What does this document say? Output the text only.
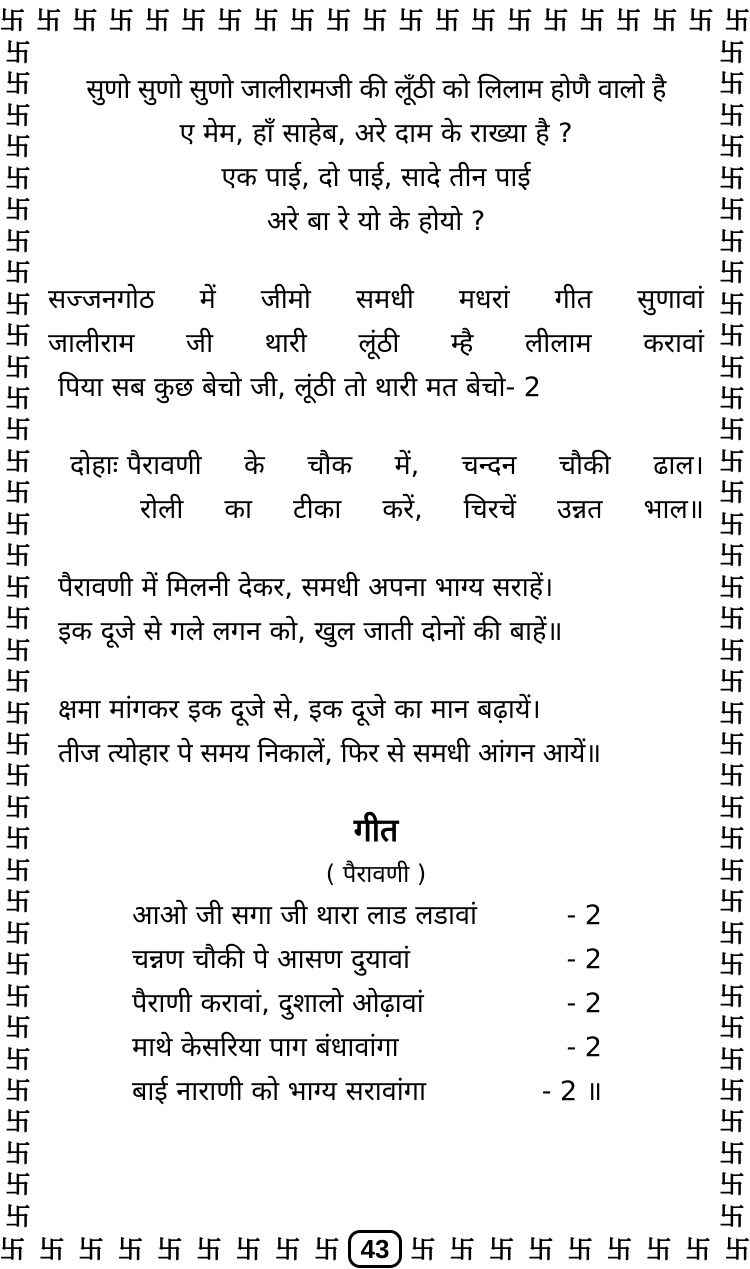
卐 卐 卐 卐 卐 卐 卐 卐 卐 卐 卐 卐 卐 卐 卐 卐 卐 卐 卐 卐 卐
卐
卐
卐
卐
卐
卐
卐
卐
卐
卐
卐
卐
卐
卐
卐
卐
卐
卐
卐
卐
卐
卐
卐
卐
卐
卐
卐
卐
卐
卐
卐
卐
卐
卐
卐
卐
卐
卐
卐
卐
卐
卐
卐
卐
卐
卐
卐
卐
卐
卐
卐
卐
卐
卐
卐
卐
卐
卐
卐
卐
卐
卐
卐
卐
卐
卐
卐
卐
卐
卐
卐
卐
卐
卐
卐
卐
卐 卐 卐 卐 卐 卐 卐 卐 卐 43 卐 卐 卐 卐 卐 卐 卐 卐 卐
सुणो सुणो सुणो जालीरामजी की लूँठी को लिलाम होणै वालो है
ए मेम, हाँ साहेब, अरे दाम के राख्या है ?
एक पाई, दो पाई, सादे तीन पाई
अरे बा रे यो के होयो ?
सज्जनगोठ में जीमो समधी मधरां गीत सुणावां
जालीराम जी थारी लूंठी म्है लीलाम करावां
पिया सब कुछ बेचो जी, लूंठी तो थारी मत बेचो- 2
दोहाः पैरावणी के चौक में, चन्दन चौकी ढाल।
रोली का टीका करें, चिरचें उन्नत भाल॥
पैरावणी में मिलनी देकर, समधी अपना भाग्य सराहें।
इक दूजे से गले लगन को, खुल जाती दोनों की बाहें॥
क्षमा मांगकर इक दूजे से, इक दूजे का मान बढ़ायें।
तीज त्योहार पे समय निकालें, फिर से समधी आंगन आयें॥
गीत
( पैरावणी )
आओ जी सगा जी थारा लाड लडावां	- 2
चन्नण चौकी पे आसण दुयावां	- 2
पैराणी करावां, दुशालो ओढ़ावां	- 2
माथे केसरिया पाग बंधावांगा	- 2
बाई नाराणी को भाग्य सरावांगा	- 2 ॥
